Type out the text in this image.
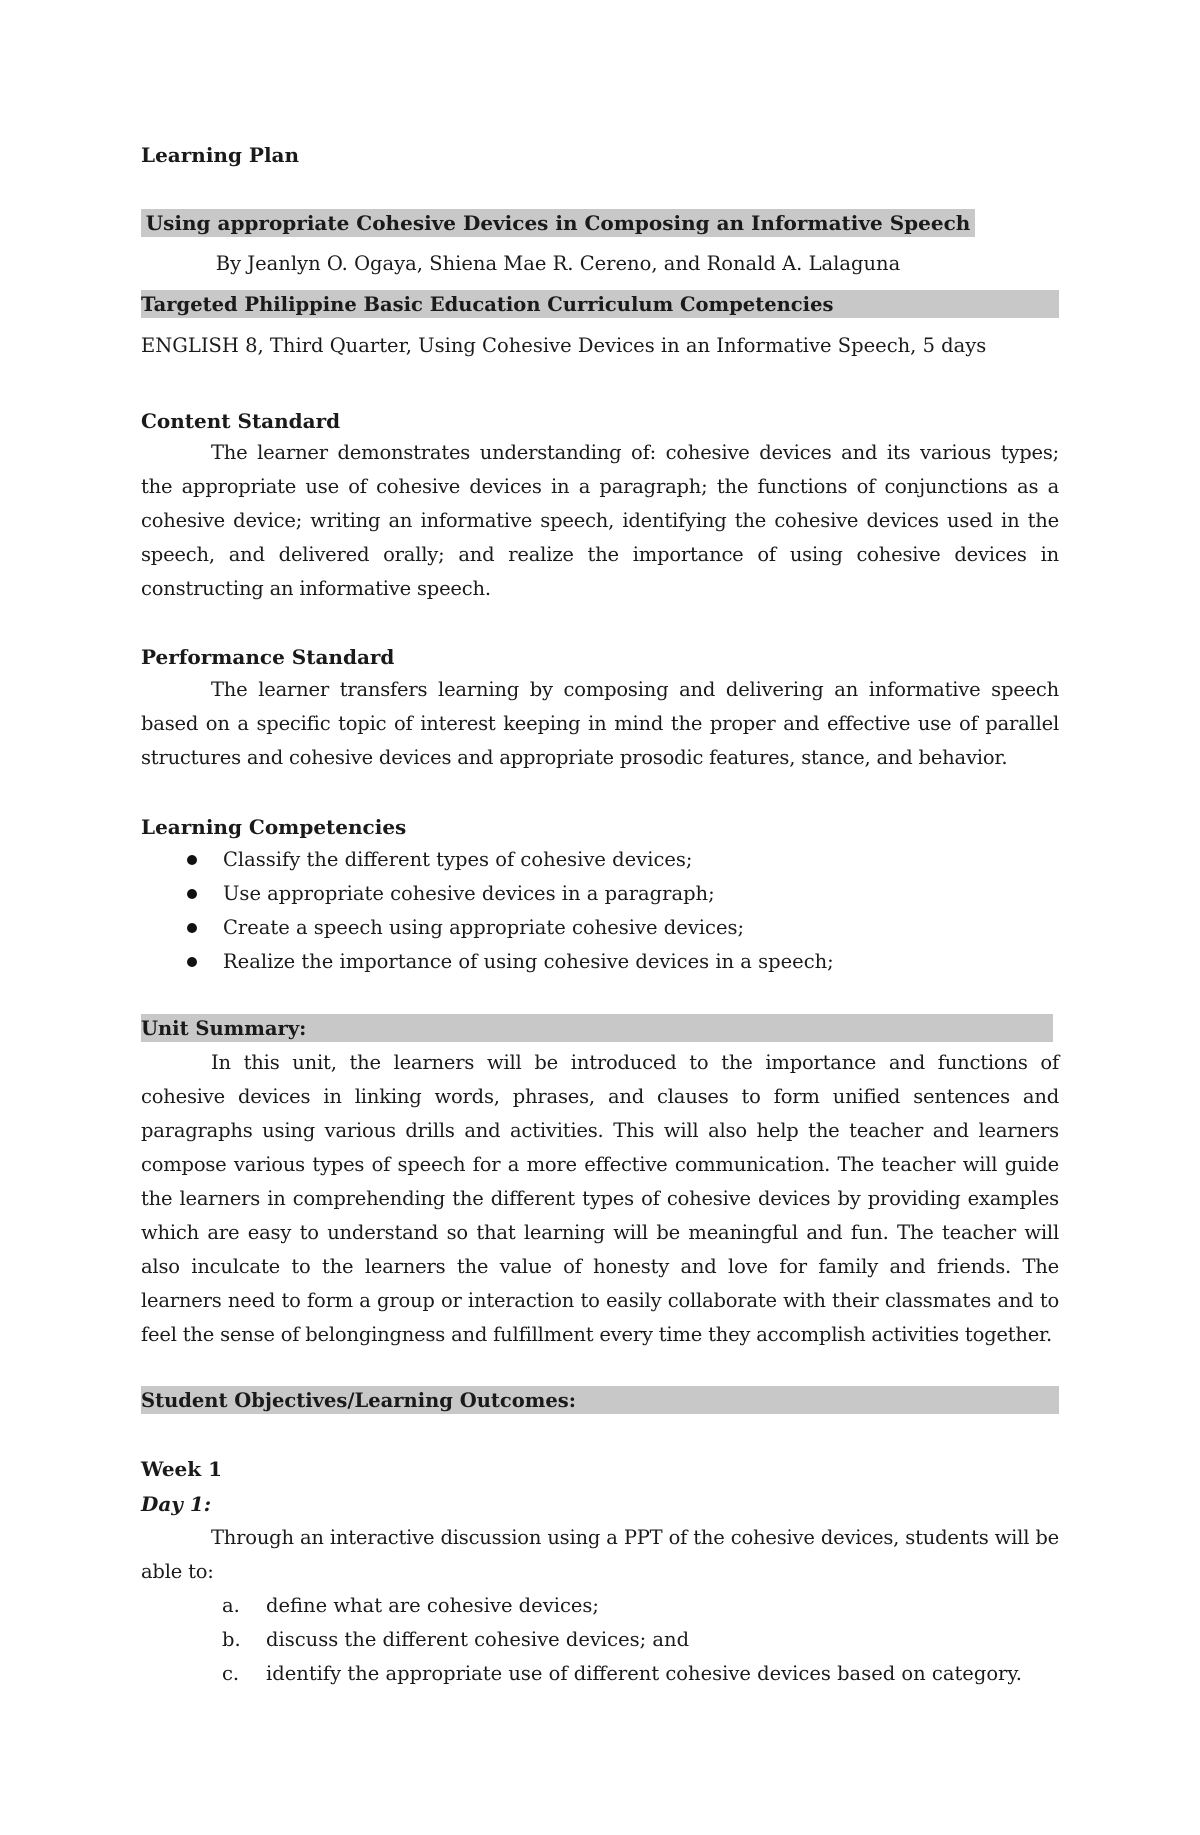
Learning Plan
Using appropriate Cohesive Devices in Composing an Informative Speech
By Jeanlyn O. Ogaya, Shiena Mae R. Cereno, and Ronald A. Lalaguna
Targeted Philippine Basic Education Curriculum Competencies
ENGLISH 8, Third Quarter, Using Cohesive Devices in an Informative Speech, 5 days
Content Standard
The learner demonstrates understanding of: cohesive devices and its various types; the appropriate use of cohesive devices in a paragraph; the functions of conjunctions as a cohesive device; writing an informative speech, identifying the cohesive devices used in the speech, and delivered orally; and realize the importance of using cohesive devices in constructing an informative speech.
Performance Standard
The learner transfers learning by composing and delivering an informative speech based on a specific topic of interest keeping in mind the proper and effective use of parallel structures and cohesive devices and appropriate prosodic features, stance, and behavior.
Learning Competencies
Classify the different types of cohesive devices;
Use appropriate cohesive devices in a paragraph;
Create a speech using appropriate cohesive devices;
Realize the importance of using cohesive devices in a speech;
Unit Summary:
In this unit, the learners will be introduced to the importance and functions of cohesive devices in linking words, phrases, and clauses to form unified sentences and paragraphs using various drills and activities. This will also help the teacher and learners compose various types of speech for a more effective communication. The teacher will guide the learners in comprehending the different types of cohesive devices by providing examples which are easy to understand so that learning will be meaningful and fun. The teacher will also inculcate to the learners the value of honesty and love for family and friends. The learners need to form a group or interaction to easily collaborate with their classmates and to feel the sense of belongingness and fulfillment every time they accomplish activities together.
Student Objectives/Learning Outcomes:
Week 1
Day 1:
Through an interactive discussion using a PPT of the cohesive devices, students will be able to:
a. define what are cohesive devices;
b. discuss the different cohesive devices; and
c. identify the appropriate use of different cohesive devices based on category.
